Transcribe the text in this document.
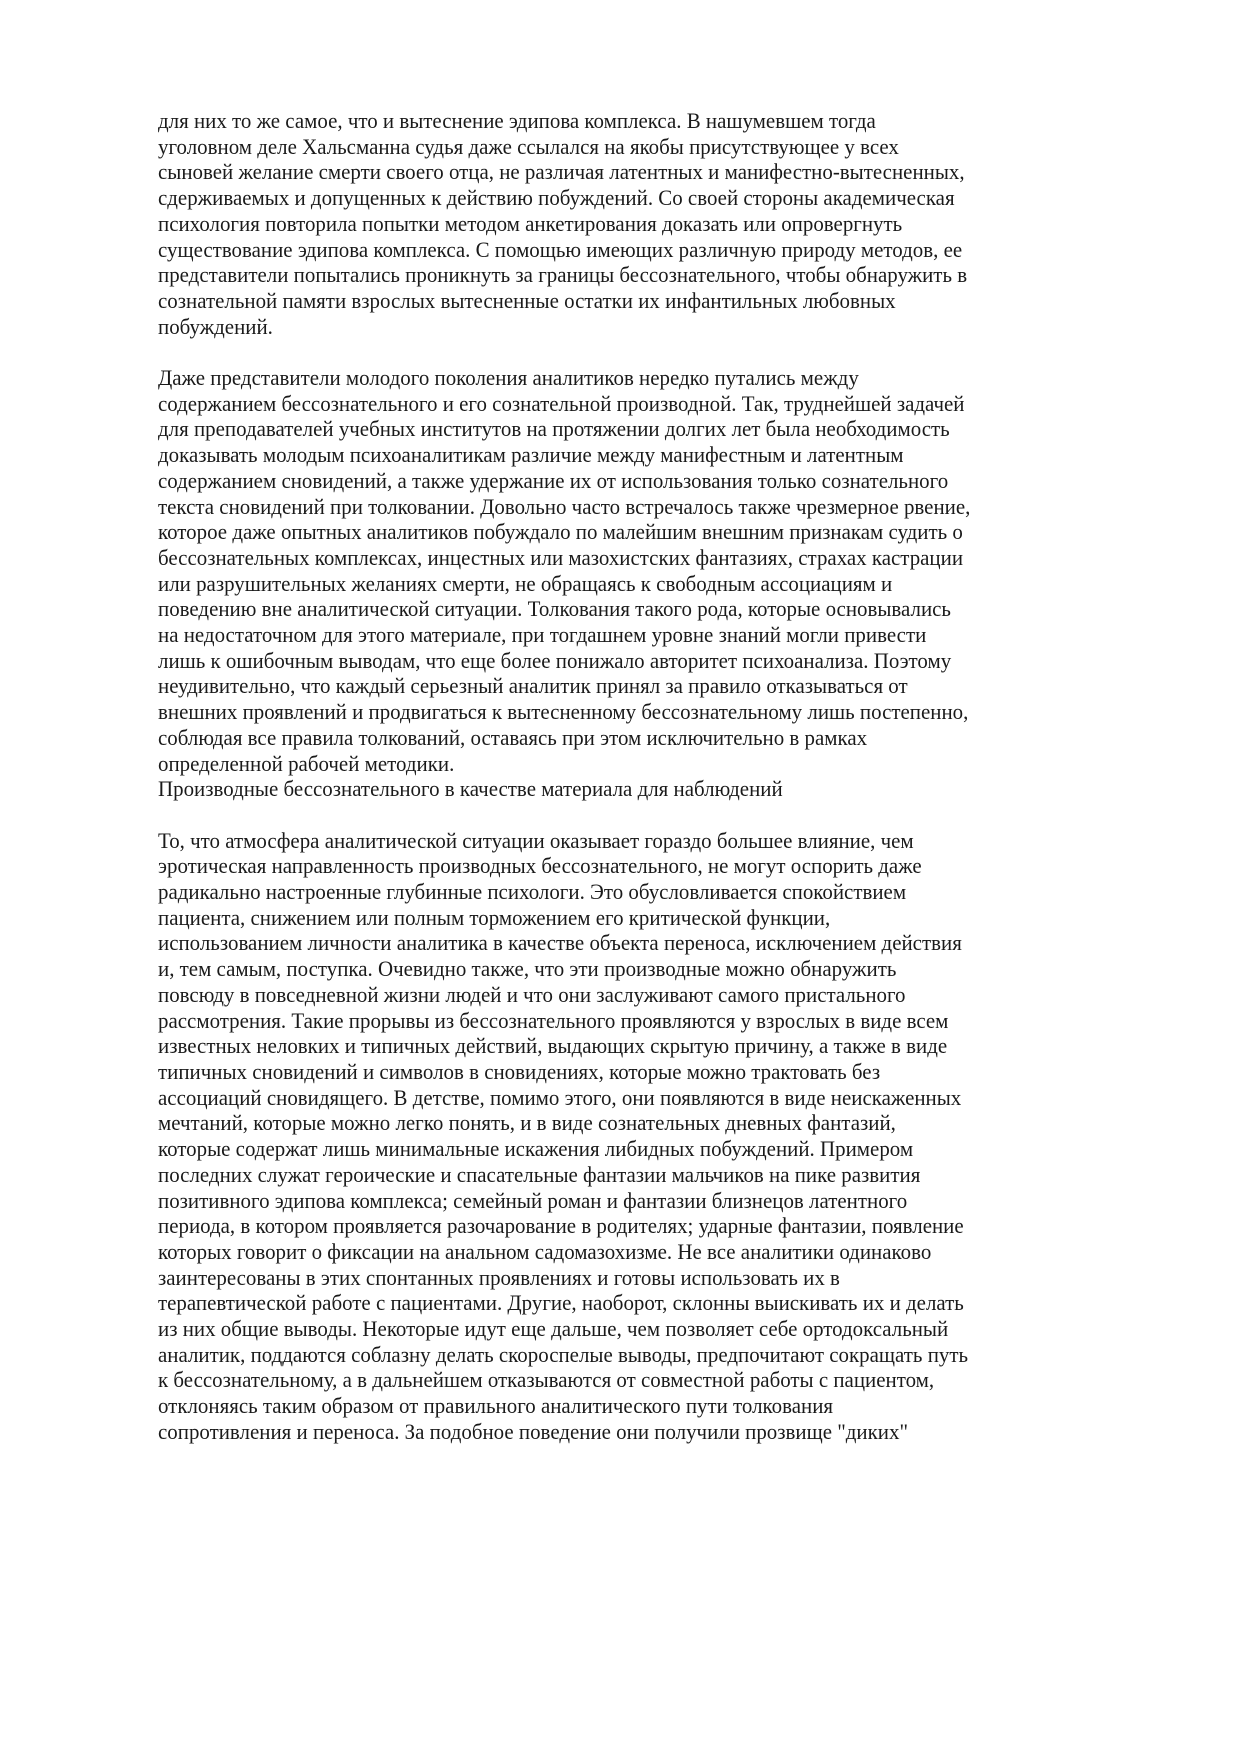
для них то же самое, что и вытеснение эдипова комплекса. В нашумевшем тогда
уголовном деле Хальсманна судья даже ссылался на якобы присутствующее у всех
сыновей желание смерти своего отца, не различая латентных и манифестно-вытесненных,
сдерживаемых и допущенных к действию побуждений. Со своей стороны академическая
психология повторила попытки методом анкетирования доказать или опровергнуть
существование эдипова комплекса. С помощью имеющих различную природу методов, ее
представители попытались проникнуть за границы бессознательного, чтобы обнаружить в
сознательной памяти взрослых вытесненные остатки их инфантильных любовных
побуждений.
Даже представители молодого поколения аналитиков нередко путались между
содержанием бессознательного и его сознательной производной. Так, труднейшей задачей
для преподавателей учебных институтов на протяжении долгих лет была необходимость
доказывать молодым психоаналитикам различие между манифестным и латентным
содержанием сновидений, а также удержание их от использования только сознательного
текста сновидений при толковании. Довольно часто встречалось также чрезмерное рвение,
которое даже опытных аналитиков побуждало по малейшим внешним признакам судить о
бессознательных комплексах, инцестных или мазохистских фантазиях, страхах кастрации
или разрушительных желаниях смерти, не обращаясь к свободным ассоциациям и
поведению вне аналитической ситуации. Толкования такого рода, которые основывались
на недостаточном для этого материале, при тогдашнем уровне знаний могли привести
лишь к ошибочным выводам, что еще более понижало авторитет психоанализа. Поэтому
неудивительно, что каждый серьезный аналитик принял за правило отказываться от
внешних проявлений и продвигаться к вытесненному бессознательному лишь постепенно,
соблюдая все правила толкований, оставаясь при этом исключительно в рамках
определенной рабочей методики.
Производные бессознательного в качестве материала для наблюдений
То, что атмосфера аналитической ситуации оказывает гораздо большее влияние, чем
эротическая направленность производных бессознательного, не могут оспорить даже
радикально настроенные глубинные психологи. Это обусловливается спокойствием
пациента, снижением или полным торможением его критической функции,
использованием личности аналитика в качестве объекта переноса, исключением действия
и, тем самым, поступка. Очевидно также, что эти производные можно обнаружить
повсюду в повседневной жизни людей и что они заслуживают самого пристального
рассмотрения. Такие прорывы из бессознательного проявляются у взрослых в виде всем
известных неловких и типичных действий, выдающих скрытую причину, а также в виде
типичных сновидений и символов в сновидениях, которые можно трактовать без
ассоциаций сновидящего. В детстве, помимо этого, они появляются в виде неискаженных
мечтаний, которые можно легко понять, и в виде сознательных дневных фантазий,
которые содержат лишь минимальные искажения либидных побуждений. Примером
последних служат героические и спасательные фантазии мальчиков на пике развития
позитивного эдипова комплекса; семейный роман и фантазии близнецов латентного
периода, в котором проявляется разочарование в родителях; ударные фантазии, появление
которых говорит о фиксации на анальном садомазохизме. Не все аналитики одинаково
заинтересованы в этих спонтанных проявлениях и готовы использовать их в
терапевтической работе с пациентами. Другие, наоборот, склонны выискивать их и делать
из них общие выводы. Некоторые идут еще дальше, чем позволяет себе ортодоксальный
аналитик, поддаются соблазну делать скороспелые выводы, предпочитают сокращать путь
к бессознательному, а в дальнейшем отказываются от совместной работы с пациентом,
отклоняясь таким образом от правильного аналитического пути толкования
сопротивления и переноса. За подобное поведение они получили прозвище "диких"
